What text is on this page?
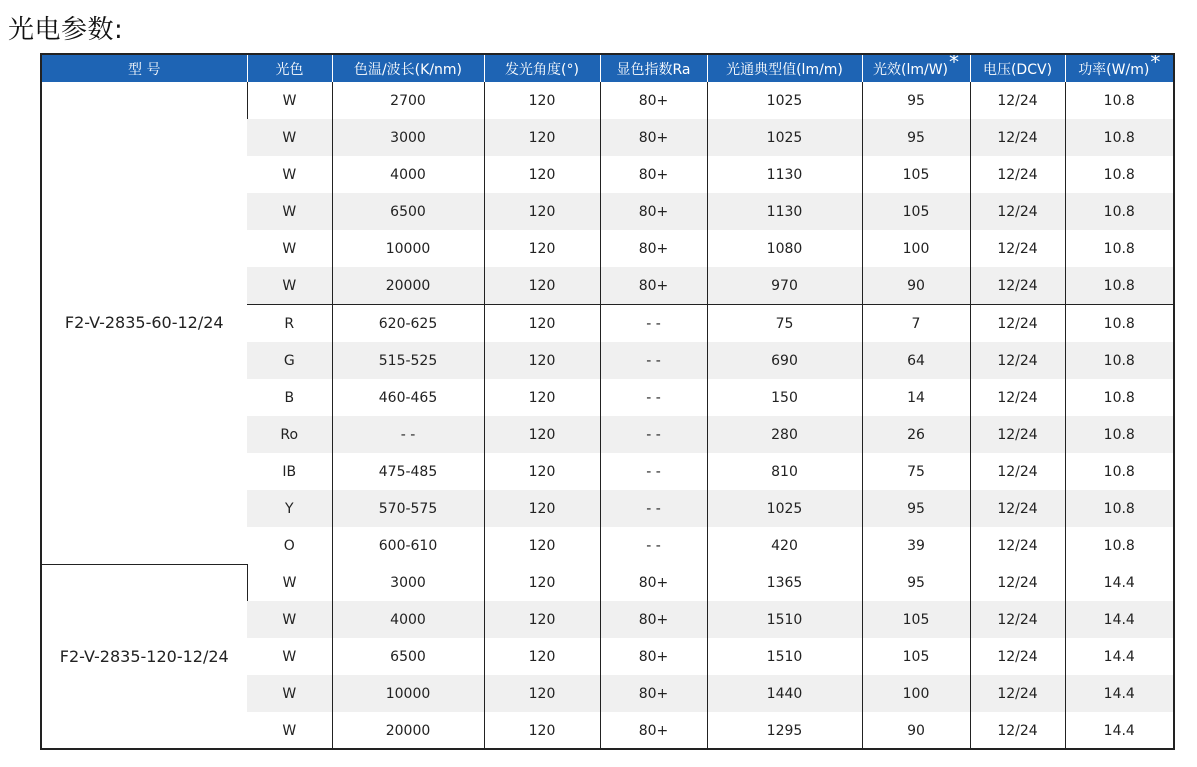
光电参数:
型 号	光色	色温/波长(K/nm)	发光角度(°)	显色指数Ra	光通典型值(lm/m)	光效(lm/W)*	电压(DCV)	功率(W/m)*
F2-V-2835-60-12/24	W	2700	120	80+	1025	95	12/24	10.8
	W	3000	120	80+	1025	95	12/24	10.8
	W	4000	120	80+	1130	105	12/24	10.8
	W	6500	120	80+	1130	105	12/24	10.8
	W	10000	120	80+	1080	100	12/24	10.8
	W	20000	120	80+	970	90	12/24	10.8
	R	620-625	120	- -	75	7	12/24	10.8
	G	515-525	120	- -	690	64	12/24	10.8
	B	460-465	120	- -	150	14	12/24	10.8
	Ro	- -	120	- -	280	26	12/24	10.8
	IB	475-485	120	- -	810	75	12/24	10.8
	Y	570-575	120	- -	1025	95	12/24	10.8
	O	600-610	120	- -	420	39	12/24	10.8
F2-V-2835-120-12/24	W	3000	120	80+	1365	95	12/24	14.4
	W	4000	120	80+	1510	105	12/24	14.4
	W	6500	120	80+	1510	105	12/24	14.4
	W	10000	120	80+	1440	100	12/24	14.4
	W	20000	120	80+	1295	90	12/24	14.4
